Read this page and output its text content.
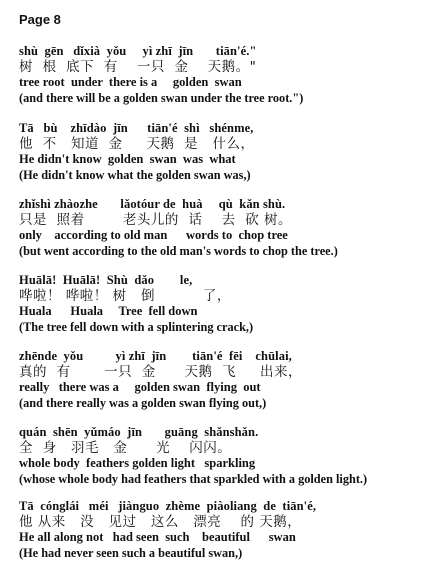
Page 8
shù  gēn   dǐxià  yǒu     yì zhī  jīn       tiān'é."
树  根  底下  有    一只  金    天鹅。"
tree root  under  there is a     golden  swan
(and there will be a golden swan under the tree root.")
Tā   bù    zhīdào  jīn      tiān'é  shì   shénme,
他  不   知道  金     天鹅  是   什么，
He didn't know  golden  swan  was  what
(He didn't know what the golden swan was,)
zhǐshì zhàozhe       lǎotóur de  huà     qù  kǎn shù.
只是  照着        老头儿的  话    去  砍 树。
only    according to old man      words to  chop tree
(but went according to the old man's words to chop the tree.)
Huālā!  Huālā!  Shù  dǎo        le,
哗啦！ 哗啦！ 树   倒          了，
Huala      Huala     Tree  fell down
(The tree fell down with a splintering crack,)
zhēnde  yǒu          yì zhī  jīn        tiān'é  fēi    chūlai,
真的  有       一只  金      天鹅  飞     出来，
really   there was a     golden swan  flying  out
(and there really was a golden swan flying out,)
quán  shēn  yǔmáo  jīn       guāng  shǎnshǎn.
全  身   羽毛   金      光    闪闪。
whole body  feathers golden light   sparkling
(whose whole body had feathers that sparkled with a golden light.)
Tā  cónglái   méi   jiànguo  zhème  piàoliang  de  tiān'é,
他 从来   没   见过   这么   漂亮    的 天鹅，
He all along not   had seen  such    beautiful      swan
(He had never seen such a beautiful swan,)
